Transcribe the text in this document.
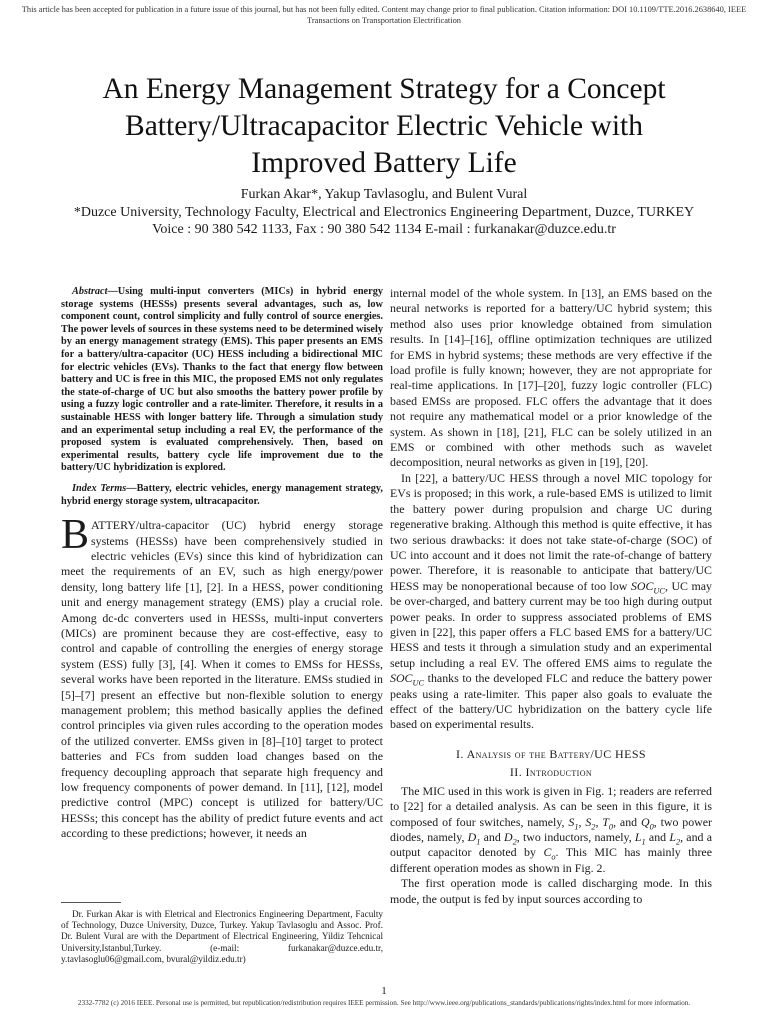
This article has been accepted for publication in a future issue of this journal, but has not been fully edited. Content may change prior to final publication. Citation information: DOI 10.1109/TTE.2016.2638640, IEEE
Transactions on Transportation Electrification
An Energy Management Strategy for a Concept
Battery/Ultracapacitor Electric Vehicle with
Improved Battery Life
Furkan Akar*, Yakup Tavlasoglu, and Bulent Vural
*Duzce University, Technology Faculty, Electrical and Electronics Engineering Department, Duzce, TURKEY
Voice : 90 380 542 1133, Fax : 90 380 542 1134 E-mail : furkanakar@duzce.edu.tr

Abstract—Using multi-input converters (MICs) in hybrid energy storage systems (HESSs) presents several advantages, such as, low component count, control simplicity and fully control of source energies. The power levels of sources in these systems need to be determined wisely by an energy management strategy (EMS). This paper presents an EMS for a battery/ultra-capacitor (UC) HESS including a bidirectional MIC for electric vehicles (EVs). Thanks to the fact that energy flow between battery and UC is free in this MIC, the proposed EMS not only regulates the state-of-charge of UC but also smooths the battery power profile by using a fuzzy logic controller and a rate-limiter. Therefore, it results in a sustainable HESS with longer battery life. Through a simulation study and an experimental setup including a real EV, the performance of the proposed system is evaluated comprehensively. Then, based on experimental results, battery cycle life improvement due to the battery/UC hybridization is explored.

Index Terms—Battery, electric vehicles, energy management strategy, hybrid energy storage system, ultracapacitor.

BATTERY/ultra-capacitor (UC) hybrid energy storage systems (HESSs) have been comprehensively studied in electric vehicles (EVs) since this kind of hybridization can meet the requirements of an EV, such as high energy/power density, long battery life [1], [2]. In a HESS, power conditioning unit and energy management strategy (EMS) play a crucial role. Among dc-dc converters used in HESSs, multi-input converters (MICs) are prominent because they are cost-effective, easy to control and capable of controlling the energies of energy storage system (ESS) fully [3], [4]. When it comes to EMSs for HESSs, several works have been reported in the literature. EMSs studied in [5]–[7] present an effective but non-flexible solution to energy management problem; this method basically applies the defined control principles via given rules according to the operation modes of the utilized converter. EMSs given in [8]–[10] target to protect batteries and FCs from sudden load changes based on the frequency decoupling approach that separate high frequency and low frequency components of power demand. In [11], [12], model predictive control (MPC) concept is utilized for battery/UC HESSs; this concept has the ability of predict future events and act according to these predictions; however, it needs an

Dr. Furkan Akar is with Eletrical and Electronics Engineering Department, Faculty of Technology, Duzce University, Duzce, Turkey. Yakup Tavlasoglu and Assoc. Prof. Dr. Bulent Vural are with the Department of Electrical Engineering, Yildiz Tehcnical University,Istanbul,Turkey. (e-mail: furkanakar@duzce.edu.tr, y.tavlasoglu06@gmail.com, bvural@yildiz.edu.tr)

internal model of the whole system. In [13], an EMS based on the neural networks is reported for a battery/UC hybrid system; this method also uses prior knowledge obtained from simulation results. In [14]–[16], offline optimization techniques are utilized for EMS in hybrid systems; these methods are very effective if the load profile is fully known; however, they are not appropriate for real-time applications. In [17]–[20], fuzzy logic controller (FLC) based EMSs are proposed. FLC offers the advantage that it does not require any mathematical model or a prior knowledge of the system. As shown in [18], [21], FLC can be solely utilized in an EMS or combined with other methods such as wavelet decomposition, neural networks as given in [19], [20].

In [22], a battery/UC HESS through a novel MIC topology for EVs is proposed; in this work, a rule-based EMS is utilized to limit the battery power during propulsion and charge UC during regenerative braking. Although this method is quite effective, it has two serious drawbacks: it does not take state-of-charge (SOC) of UC into account and it does not limit the rate-of-change of battery power. Therefore, it is reasonable to anticipate that battery/UC HESS may be nonoperational because of too low $SOC_{UC}$, UC may be over-charged, and battery current may be too high during output power peaks. In order to suppress associated problems of EMS given in [22], this paper offers a FLC based EMS for a battery/UC HESS and tests it through a simulation study and an experimental setup including a real EV. The offered EMS aims to regulate the $SOC_{UC}$ thanks to the developed FLC and reduce the battery power peaks using a rate-limiter. This paper also goals to evaluate the effect of the battery/UC hybridization on the battery cycle life based on experimental results.

I. Analysis of the Battery/UC HESS
II. Introduction

The MIC used in this work is given in Fig. 1; readers are referred to [22] for a detailed analysis. As can be seen in this figure, it is composed of four switches, namely, $S_1$, $S_2$, $T_0$, and $Q_0$, two power diodes, namely, $D_1$ and $D_2$, two inductors, namely, $L_1$ and $L_2$, and a output capacitor denoted by $C_o$. This MIC has mainly three different operation modes as shown in Fig. 2.

The first operation mode is called discharging mode. In this mode, the output is fed by input sources according to

1
2332-7782 (c) 2016 IEEE. Personal use is permitted, but republication/redistribution requires IEEE permission. See http://www.ieee.org/publications_standards/publications/rights/index.html for more information.
